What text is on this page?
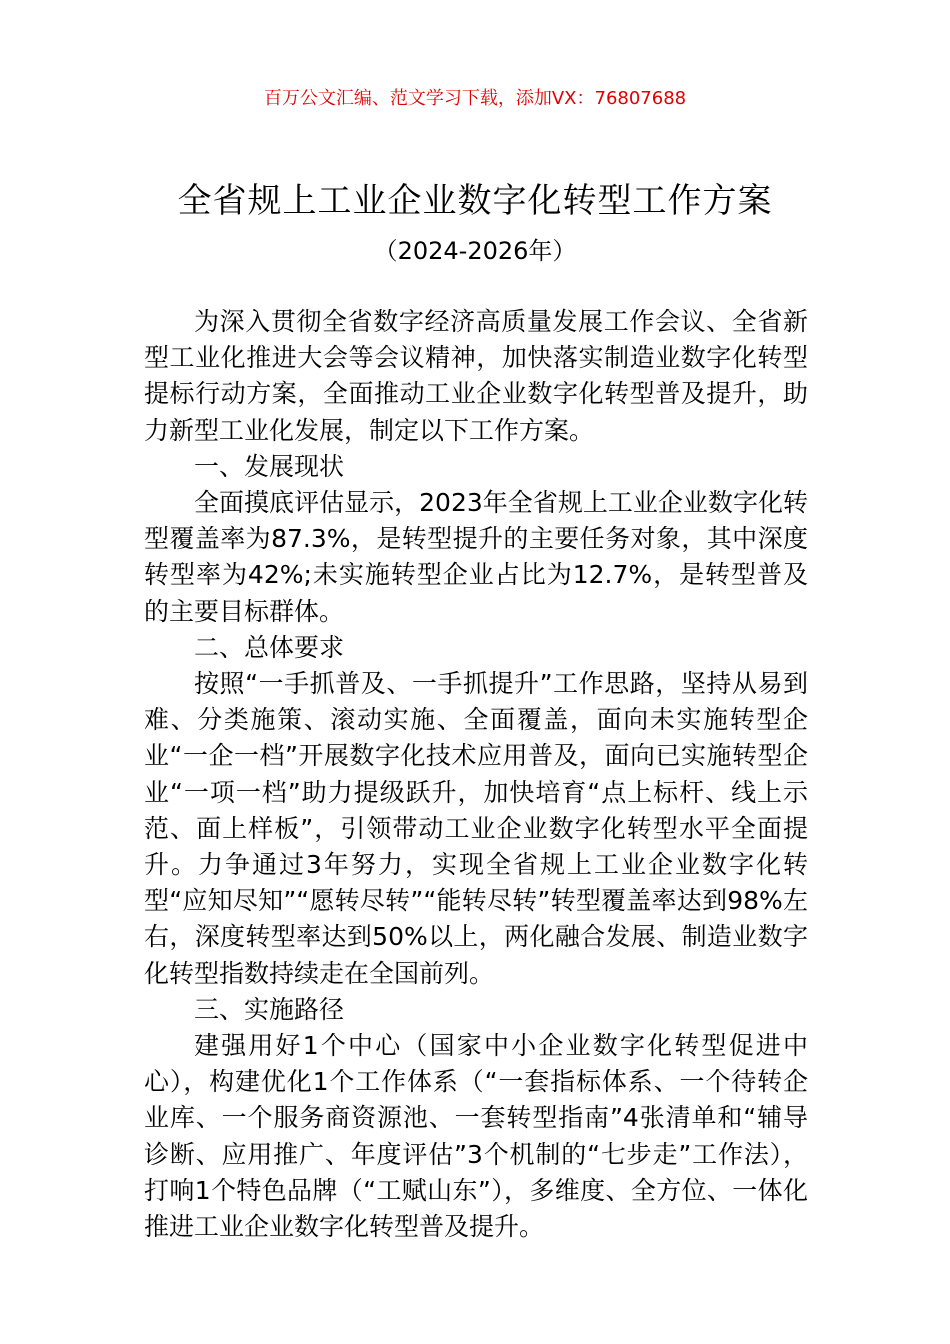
百万公文汇编、范文学习下载，添加VX：76807688
全省规上工业企业数字化转型工作方案
（2024-2026年）

为深入贯彻全省数字经济高质量发展工作会议、全省新型工业化推进大会等会议精神，加快落实制造业数字化转型提标行动方案，全面推动工业企业数字化转型普及提升，助力新型工业化发展，制定以下工作方案。

一、发展现状

全面摸底评估显示，2023年全省规上工业企业数字化转型覆盖率为87.3%，是转型提升的主要任务对象，其中深度转型率为42%;未实施转型企业占比为12.7%，是转型普及的主要目标群体。

二、总体要求

按照“一手抓普及、一手抓提升”工作思路，坚持从易到难、分类施策、滚动实施、全面覆盖，面向未实施转型企业“一企一档”开展数字化技术应用普及，面向已实施转型企业“一项一档”助力提级跃升，加快培育“点上标杆、线上示范、面上样板”，引领带动工业企业数字化转型水平全面提升。力争通过3年努力，实现全省规上工业企业数字化转型“应知尽知”“愿转尽转”“能转尽转”转型覆盖率达到98%左右，深度转型率达到50%以上，两化融合发展、制造业数字化转型指数持续走在全国前列。

三、实施路径

建强用好1个中心（国家中小企业数字化转型促进中心），构建优化1个工作体系（“一套指标体系、一个待转企业库、一个服务商资源池、一套转型指南”4张清单和“辅导诊断、应用推广、年度评估”3个机制的“七步走”工作法），打响1个特色品牌（“工赋山东”），多维度、全方位、一体化推进工业企业数字化转型普及提升。
